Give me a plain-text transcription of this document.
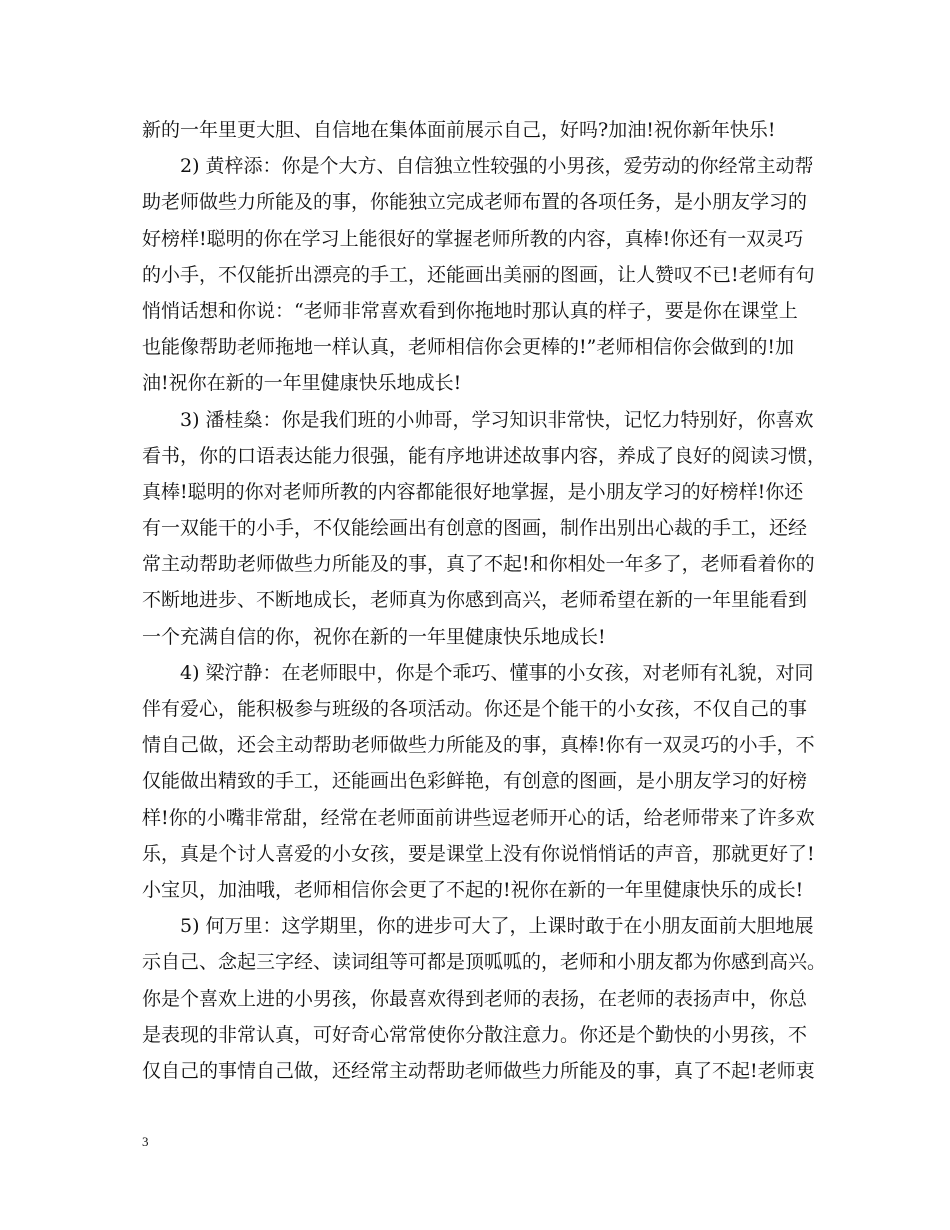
新的一年里更大胆、自信地在集体面前展示自己，好吗?加油!祝你新年快乐!
2) 黄梓添：你是个大方、自信独立性较强的小男孩，爱劳动的你经常主动帮
助老师做些力所能及的事，你能独立完成老师布置的各项任务，是小朋友学习的
好榜样!聪明的你在学习上能很好的掌握老师所教的内容，真棒!你还有一双灵巧
的小手，不仅能折出漂亮的手工，还能画出美丽的图画，让人赞叹不已!老师有句
悄悄话想和你说：“老师非常喜欢看到你拖地时那认真的样子，要是你在课堂上
也能像帮助老师拖地一样认真，老师相信你会更棒的!”老师相信你会做到的!加
油!祝你在新的一年里健康快乐地成长!
3) 潘桂燊：你是我们班的小帅哥，学习知识非常快，记忆力特别好，你喜欢
看书，你的口语表达能力很强，能有序地讲述故事内容，养成了良好的阅读习惯，
真棒!聪明的你对老师所教的内容都能很好地掌握，是小朋友学习的好榜样!你还
有一双能干的小手，不仅能绘画出有创意的图画，制作出别出心裁的手工，还经
常主动帮助老师做些力所能及的事，真了不起!和你相处一年多了，老师看着你的
不断地进步、不断地成长，老师真为你感到高兴，老师希望在新的一年里能看到
一个充满自信的你，祝你在新的一年里健康快乐地成长!
4) 梁泞静：在老师眼中，你是个乖巧、懂事的小女孩，对老师有礼貌，对同
伴有爱心，能积极参与班级的各项活动。你还是个能干的小女孩，不仅自己的事
情自己做，还会主动帮助老师做些力所能及的事，真棒!你有一双灵巧的小手，不
仅能做出精致的手工，还能画出色彩鲜艳，有创意的图画，是小朋友学习的好榜
样!你的小嘴非常甜，经常在老师面前讲些逗老师开心的话，给老师带来了许多欢
乐，真是个讨人喜爱的小女孩，要是课堂上没有你说悄悄话的声音，那就更好了!
小宝贝，加油哦，老师相信你会更了不起的!祝你在新的一年里健康快乐的成长!
5) 何万里：这学期里，你的进步可大了，上课时敢于在小朋友面前大胆地展
示自己、念起三字经、读词组等可都是顶呱呱的，老师和小朋友都为你感到高兴。
你是个喜欢上进的小男孩，你最喜欢得到老师的表扬，在老师的表扬声中，你总
是表现的非常认真，可好奇心常常使你分散注意力。你还是个勤快的小男孩，不
仅自己的事情自己做，还经常主动帮助老师做些力所能及的事，真了不起!老师衷
3
